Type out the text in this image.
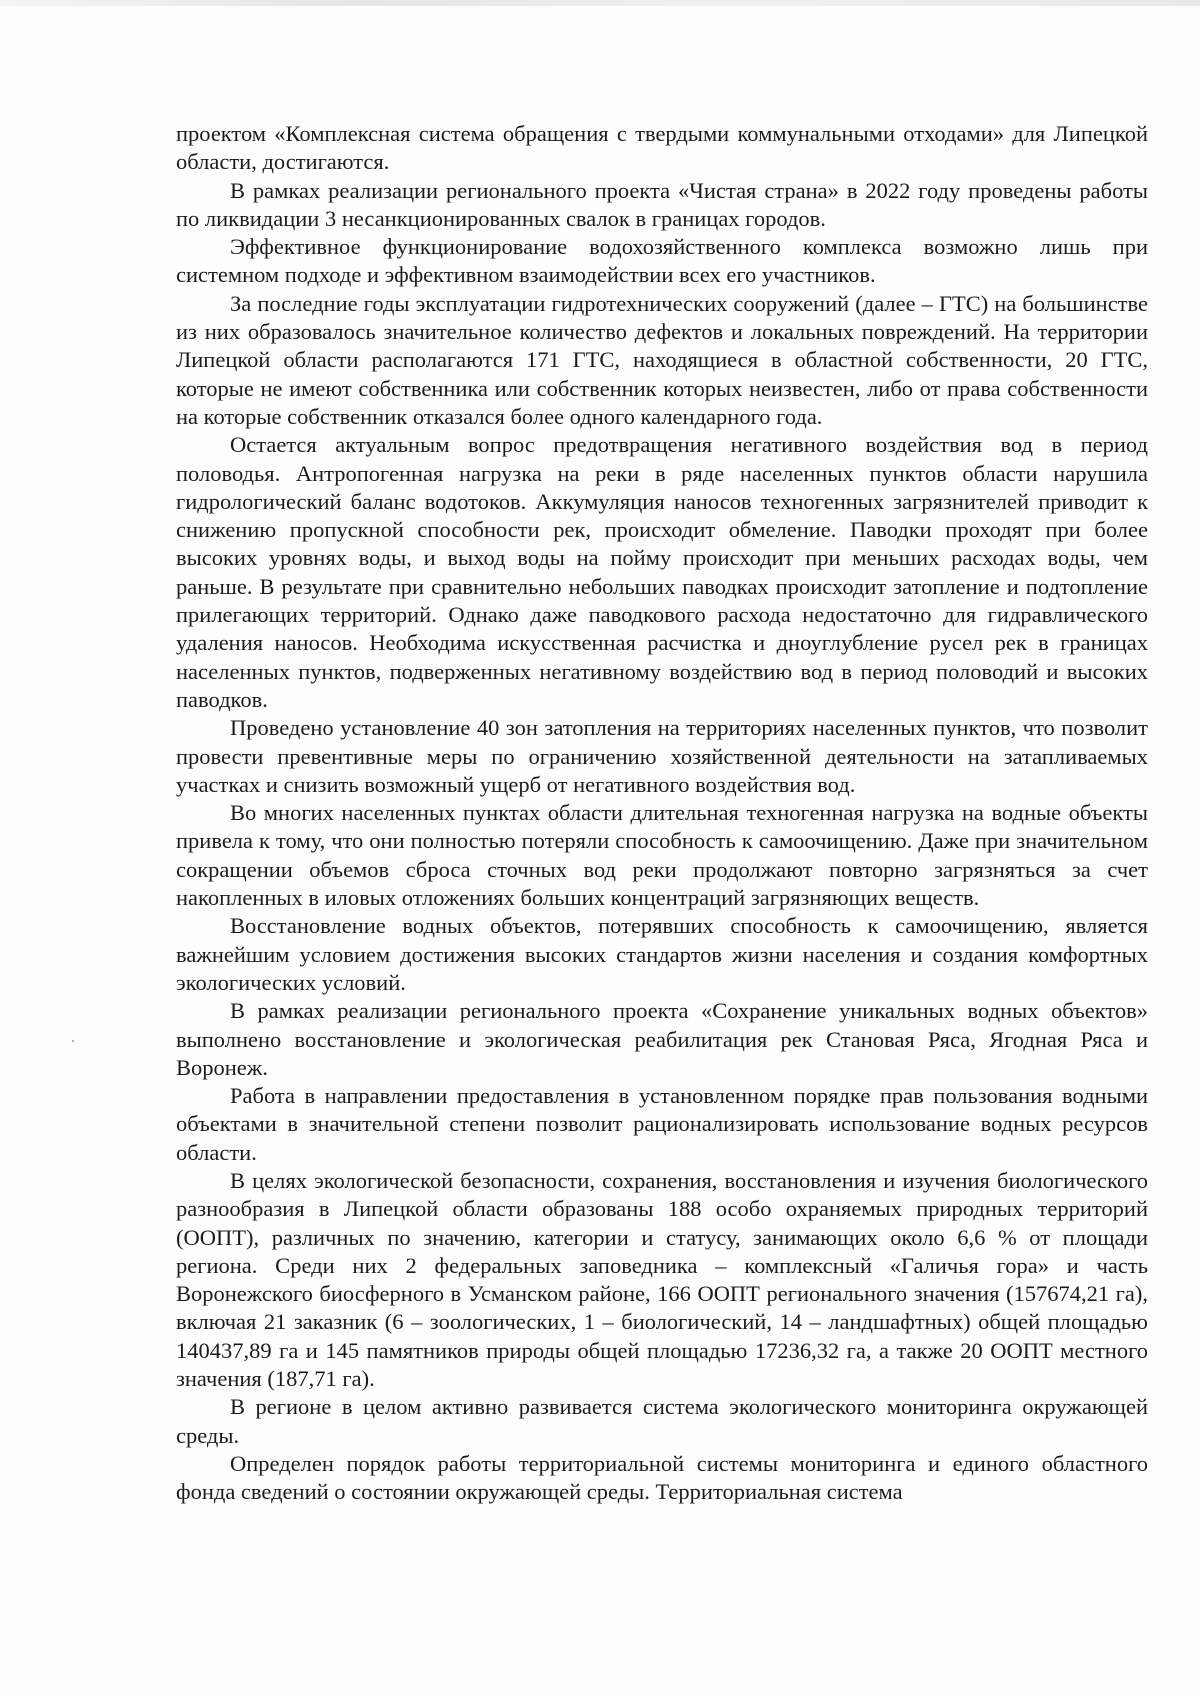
проектом «Комплексная система обращения с твердыми коммунальными отходами» для Липецкой области, достигаются.

В рамках реализации регионального проекта «Чистая страна» в 2022 году проведены работы по ликвидации 3 несанкционированных свалок в границах городов.

Эффективное функционирование водохозяйственного комплекса возможно лишь при системном подходе и эффективном взаимодействии всех его участников.

За последние годы эксплуатации гидротехнических сооружений (далее – ГТС) на большинстве из них образовалось значительное количество дефектов и локальных повреждений. На территории Липецкой области располагаются 171 ГТС, находящиеся в областной собственности, 20 ГТС, которые не имеют собственника или собственник которых неизвестен, либо от права собственности на которые собственник отказался более одного календарного года.

Остается актуальным вопрос предотвращения негативного воздействия вод в период половодья. Антропогенная нагрузка на реки в ряде населенных пунктов области нарушила гидрологический баланс водотоков. Аккумуляция наносов техногенных загрязнителей приводит к снижению пропускной способности рек, происходит обмеление. Паводки проходят при более высоких уровнях воды, и выход воды на пойму происходит при меньших расходах воды, чем раньше. В результате при сравнительно небольших паводках происходит затопление и подтопление прилегающих территорий. Однако даже паводкового расхода недостаточно для гидравлического удаления наносов. Необходима искусственная расчистка и дноуглубление русел рек в границах населенных пунктов, подверженных негативному воздействию вод в период половодий и высоких паводков.

Проведено установление 40 зон затопления на территориях населенных пунктов, что позволит провести превентивные меры по ограничению хозяйственной деятельности на затапливаемых участках и снизить возможный ущерб от негативного воздействия вод.

Во многих населенных пунктах области длительная техногенная нагрузка на водные объекты привела к тому, что они полностью потеряли способность к самоочищению. Даже при значительном сокращении объемов сброса сточных вод реки продолжают повторно загрязняться за счет накопленных в иловых отложениях больших концентраций загрязняющих веществ.

Восстановление водных объектов, потерявших способность к самоочищению, является важнейшим условием достижения высоких стандартов жизни населения и создания комфортных экологических условий.

В рамках реализации регионального проекта «Сохранение уникальных водных объектов» выполнено восстановление и экологическая реабилитация рек Становая Ряса, Ягодная Ряса и Воронеж.

Работа в направлении предоставления в установленном порядке прав пользования водными объектами в значительной степени позволит рационализировать использование водных ресурсов области.

В целях экологической безопасности, сохранения, восстановления и изучения биологического разнообразия в Липецкой области образованы 188 особо охраняемых природных территорий (ООПТ), различных по значению, категории и статусу, занимающих около 6,6 % от площади региона. Среди них 2 федеральных заповедника – комплексный «Галичья гора» и часть Воронежского биосферного в Усманском районе, 166 ООПТ регионального значения (157674,21 га), включая 21 заказник (6 – зоологических, 1 – биологический, 14 – ландшафтных) общей площадью 140437,89 га и 145 памятников природы общей площадью 17236,32 га, а также 20 ООПТ местного значения (187,71 га).

В регионе в целом активно развивается система экологического мониторинга окружающей среды.

Определен порядок работы территориальной системы мониторинга и единого областного фонда сведений о состоянии окружающей среды. Территориальная система
